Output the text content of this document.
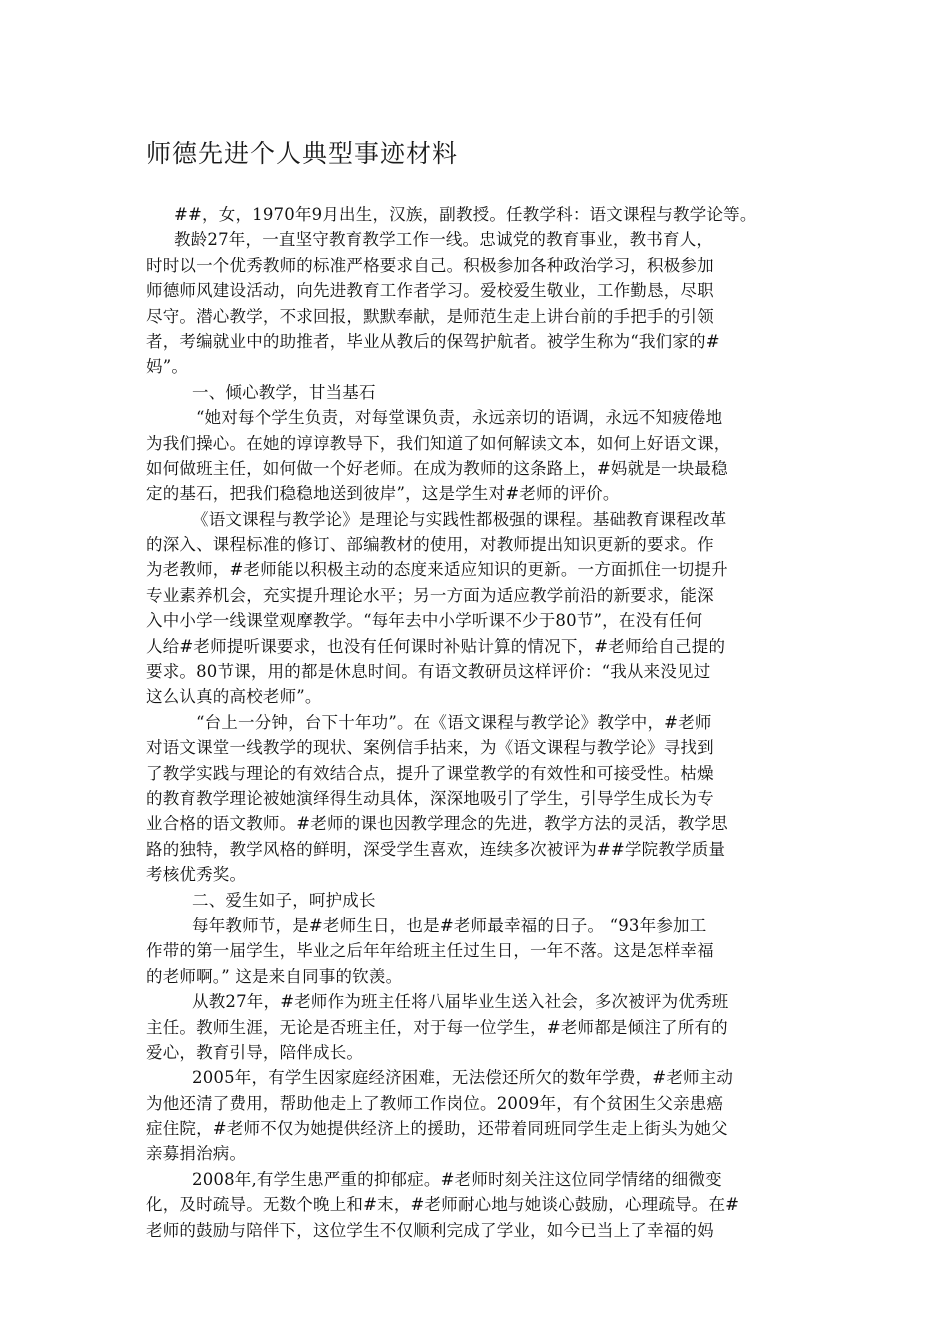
师德先进个人典型事迹材料
##，女，1970年9月出生，汉族，副教授。任教学科：语文课程与教学论等。
教龄27年，一直坚守教育教学工作一线。忠诚党的教育事业，教书育人，
时时以一个优秀教师的标准严格要求自己。积极参加各种政治学习，积极参加
师德师风建设活动，向先进教育工作者学习。爱校爱生敬业，工作勤恳，尽职
尽守。潜心教学，不求回报，默默奉献，是师范生走上讲台前的手把手的引领
者，考编就业中的助推者，毕业从教后的保驾护航者。被学生称为“我们家的#
妈”。
一、倾心教学，甘当基石
“她对每个学生负责，对每堂课负责，永远亲切的语调，永远不知疲倦地
为我们操心。在她的谆谆教导下，我们知道了如何解读文本，如何上好语文课，
如何做班主任，如何做一个好老师。在成为教师的这条路上，#妈就是一块最稳
定的基石，把我们稳稳地送到彼岸”，这是学生对#老师的评价。
《语文课程与教学论》是理论与实践性都极强的课程。基础教育课程改革
的深入、课程标准的修订、部编教材的使用，对教师提出知识更新的要求。作
为老教师，#老师能以积极主动的态度来适应知识的更新。一方面抓住一切提升
专业素养机会，充实提升理论水平；另一方面为适应教学前沿的新要求，能深
入中小学一线课堂观摩教学。“每年去中小学听课不少于80节”，在没有任何
人给#老师提听课要求，也没有任何课时补贴计算的情况下，#老师给自己提的
要求。80节课，用的都是休息时间。有语文教研员这样评价：“我从来没见过
这么认真的高校老师”。
“台上一分钟，台下十年功”。在《语文课程与教学论》教学中，#老师
对语文课堂一线教学的现状、案例信手拈来，为《语文课程与教学论》寻找到
了教学实践与理论的有效结合点，提升了课堂教学的有效性和可接受性。枯燥
的教育教学理论被她演绎得生动具体，深深地吸引了学生，引导学生成长为专
业合格的语文教师。#老师的课也因教学理念的先进，教学方法的灵活，教学思
路的独特，教学风格的鲜明，深受学生喜欢，连续多次被评为##学院教学质量
考核优秀奖。
二、爱生如子，呵护成长
每年教师节，是#老师生日，也是#老师最幸福的日子。 “93年参加工
作带的第一届学生，毕业之后年年给班主任过生日，一年不落。这是怎样幸福
的老师啊。” 这是来自同事的钦羡。
从教27年，#老师作为班主任将八届毕业生送入社会，多次被评为优秀班
主任。教师生涯，无论是否班主任，对于每一位学生，#老师都是倾注了所有的
爱心，教育引导，陪伴成长。
2005年，有学生因家庭经济困难，无法偿还所欠的数年学费，#老师主动
为他还清了费用，帮助他走上了教师工作岗位。2009年，有个贫困生父亲患癌
症住院，#老师不仅为她提供经济上的援助，还带着同班同学生走上街头为她父
亲募捐治病。
2008年,有学生患严重的抑郁症。#老师时刻关注这位同学情绪的细微变
化，及时疏导。无数个晚上和#末，#老师耐心地与她谈心鼓励，心理疏导。在#
老师的鼓励与陪伴下，这位学生不仅顺利完成了学业，如今已当上了幸福的妈
